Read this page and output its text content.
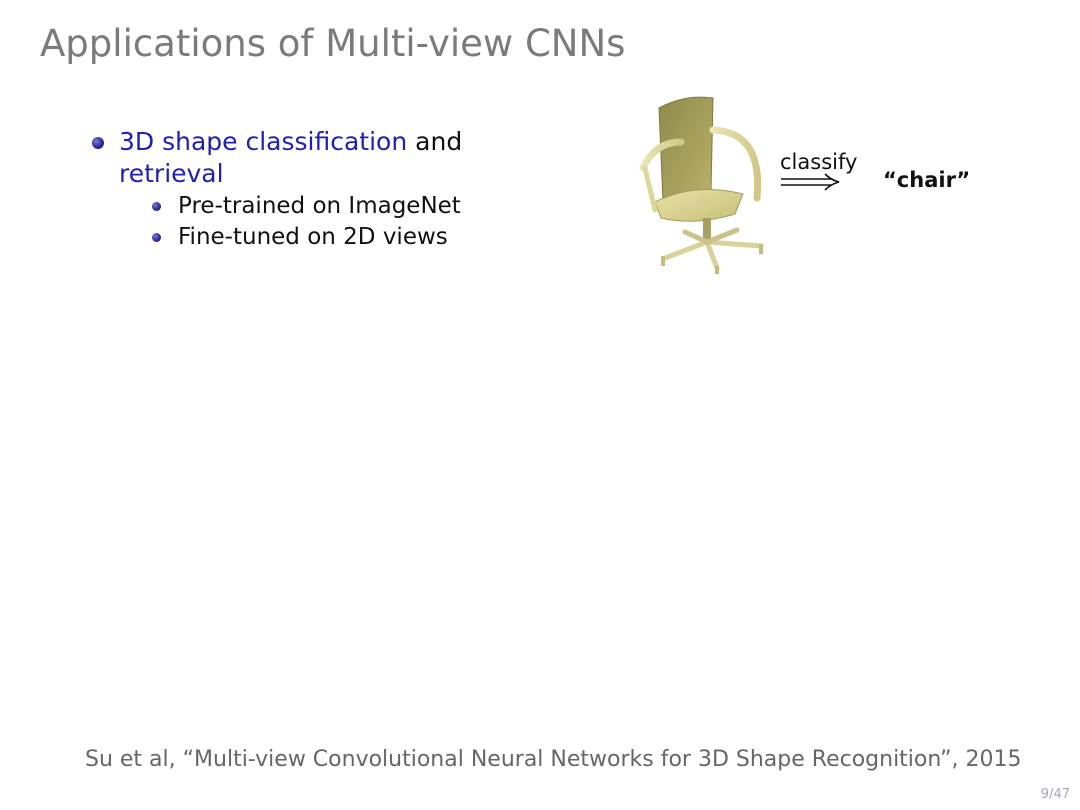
Applications of Multi-view CNNs
3D shape classification and retrieval
Pre-trained on ImageNet
Fine-tuned on 2D views
classify
“chair”
Su et al, “Multi-view Convolutional Neural Networks for 3D Shape Recognition”, 2015
9/47
